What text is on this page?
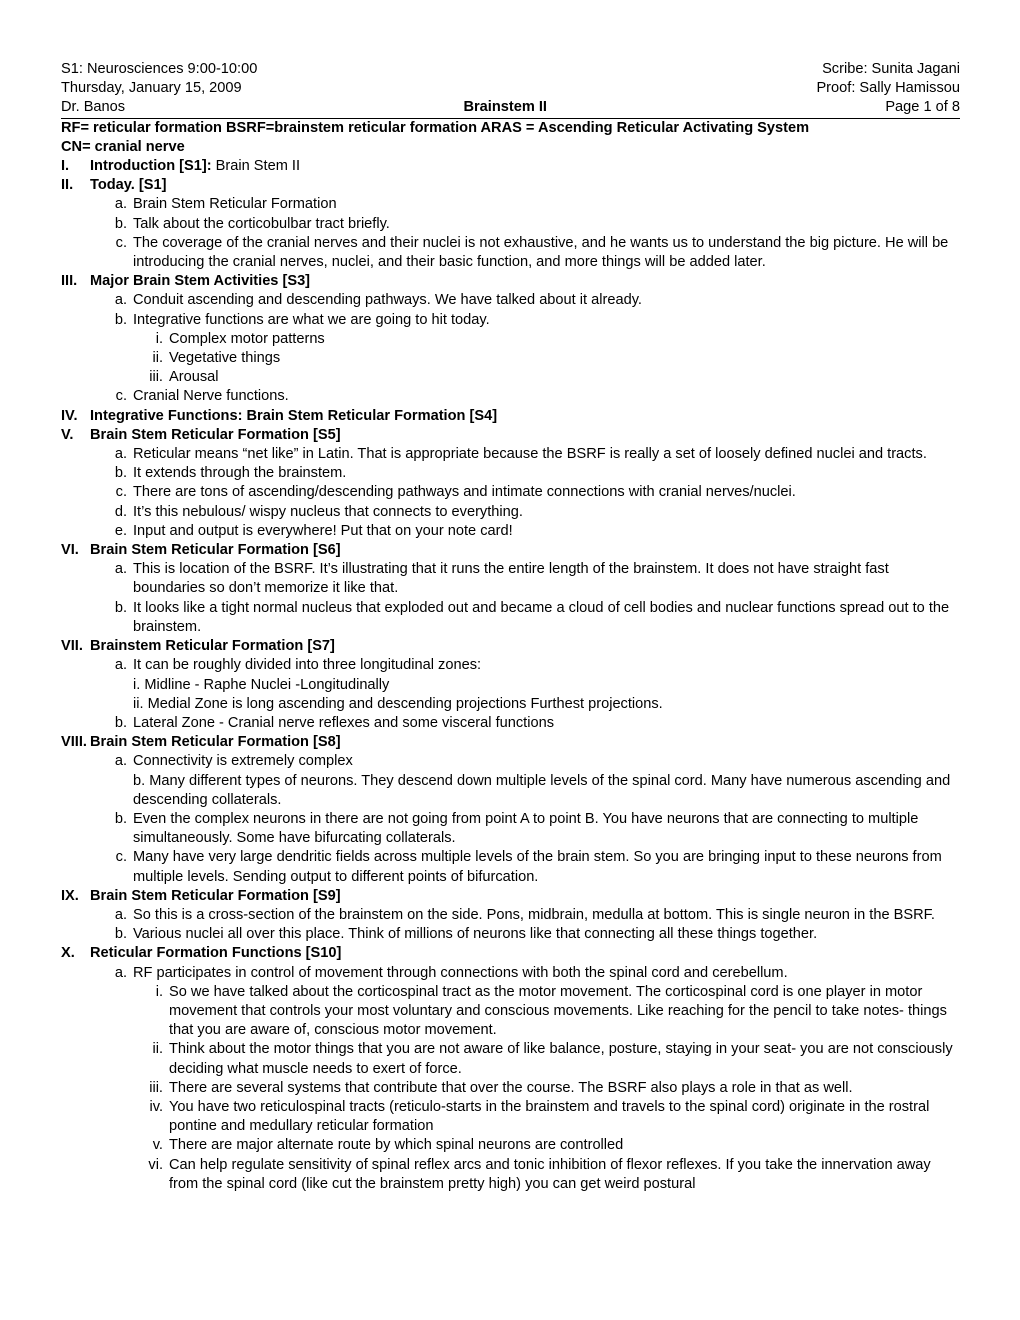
S1: Neurosciences 9:00-10:00	Scribe: Sunita Jagani
Thursday, January 15, 2009	Proof: Sally Hamissou
Dr. Banos	Brainstem II	Page 1 of 8
RF= reticular formation BSRF=brainstem reticular formation ARAS = Ascending Reticular Activating System
CN= cranial nerve
I.	Introduction [S1]: Brain Stem II
II.	Today. [S1]
a. Brain Stem Reticular Formation
b. Talk about the corticobulbar tract briefly.
c. The coverage of the cranial nerves and their nuclei is not exhaustive, and he wants us to understand the big picture. He will be introducing the cranial nerves, nuclei, and their basic function, and more things will be added later.
III. Major Brain Stem Activities [S3]
a. Conduit ascending and descending pathways. We have talked about it already.
b. Integrative functions are what we are going to hit today.
i. Complex motor patterns
ii. Vegetative things
iii. Arousal
c. Cranial Nerve functions.
IV. Integrative Functions: Brain Stem Reticular Formation [S4]
V.	Brain Stem Reticular Formation [S5]
a. Reticular means “net like” in Latin. That is appropriate because the BSRF is really a set of loosely defined nuclei and tracts.
b. It extends through the brainstem.
c. There are tons of ascending/descending pathways and intimate connections with cranial nerves/nuclei.
d. It’s this nebulous/ wispy nucleus that connects to everything.
e. Input and output is everywhere! Put that on your note card!
VI. Brain Stem Reticular Formation [S6]
a. This is location of the BSRF. It’s illustrating that it runs the entire length of the brainstem. It does not have straight fast boundaries so don’t memorize it like that.
b. It looks like a tight normal nucleus that exploded out and became a cloud of cell bodies and nuclear functions spread out to the brainstem.
VII. Brainstem Reticular Formation [S7]
a. It can be roughly divided into three longitudinal zones:
i. Midline - Raphe Nuclei -Longitudinally
ii. Medial Zone is long ascending and descending projections Furthest projections.
b. Lateral Zone - Cranial nerve reflexes and some visceral functions
VIII. Brain Stem Reticular Formation [S8]
a. Connectivity is extremely complex
b. Many different types of neurons. They descend down multiple levels of the spinal cord. Many have numerous ascending and descending collaterals.
b. Even the complex neurons in there are not going from point A to point B. You have neurons that are connecting to multiple simultaneously. Some have bifurcating collaterals.
c. Many have very large dendritic fields across multiple levels of the brain stem. So you are bringing input to these neurons from multiple levels. Sending output to different points of bifurcation.
IX. Brain Stem Reticular Formation [S9]
a. So this is a cross-section of the brainstem on the side. Pons, midbrain, medulla at bottom. This is single neuron in the BSRF.
b. Various nuclei all over this place. Think of millions of neurons like that connecting all these things together.
X.	Reticular Formation Functions [S10]
a. RF participates in control of movement through connections with both the spinal cord and cerebellum.
i. So we have talked about the corticospinal tract as the motor movement. The corticospinal cord is one player in motor movement that controls your most voluntary and conscious movements. Like reaching for the pencil to take notes- things that you are aware of, conscious motor movement.
ii. Think about the motor things that you are not aware of like balance, posture, staying in your seat- you are not consciously deciding what muscle needs to exert of force.
iii. There are several systems that contribute that over the course. The BSRF also plays a role in that as well.
iv. You have two reticulospinal tracts (reticulo-starts in the brainstem and travels to the spinal cord) originate in the rostral pontine and medullary reticular formation
v. There are major alternate route by which spinal neurons are controlled
vi. Can help regulate sensitivity of spinal reflex arcs and tonic inhibition of flexor reflexes. If you take the innervation away from the spinal cord (like cut the brainstem pretty high) you can get weird postural
